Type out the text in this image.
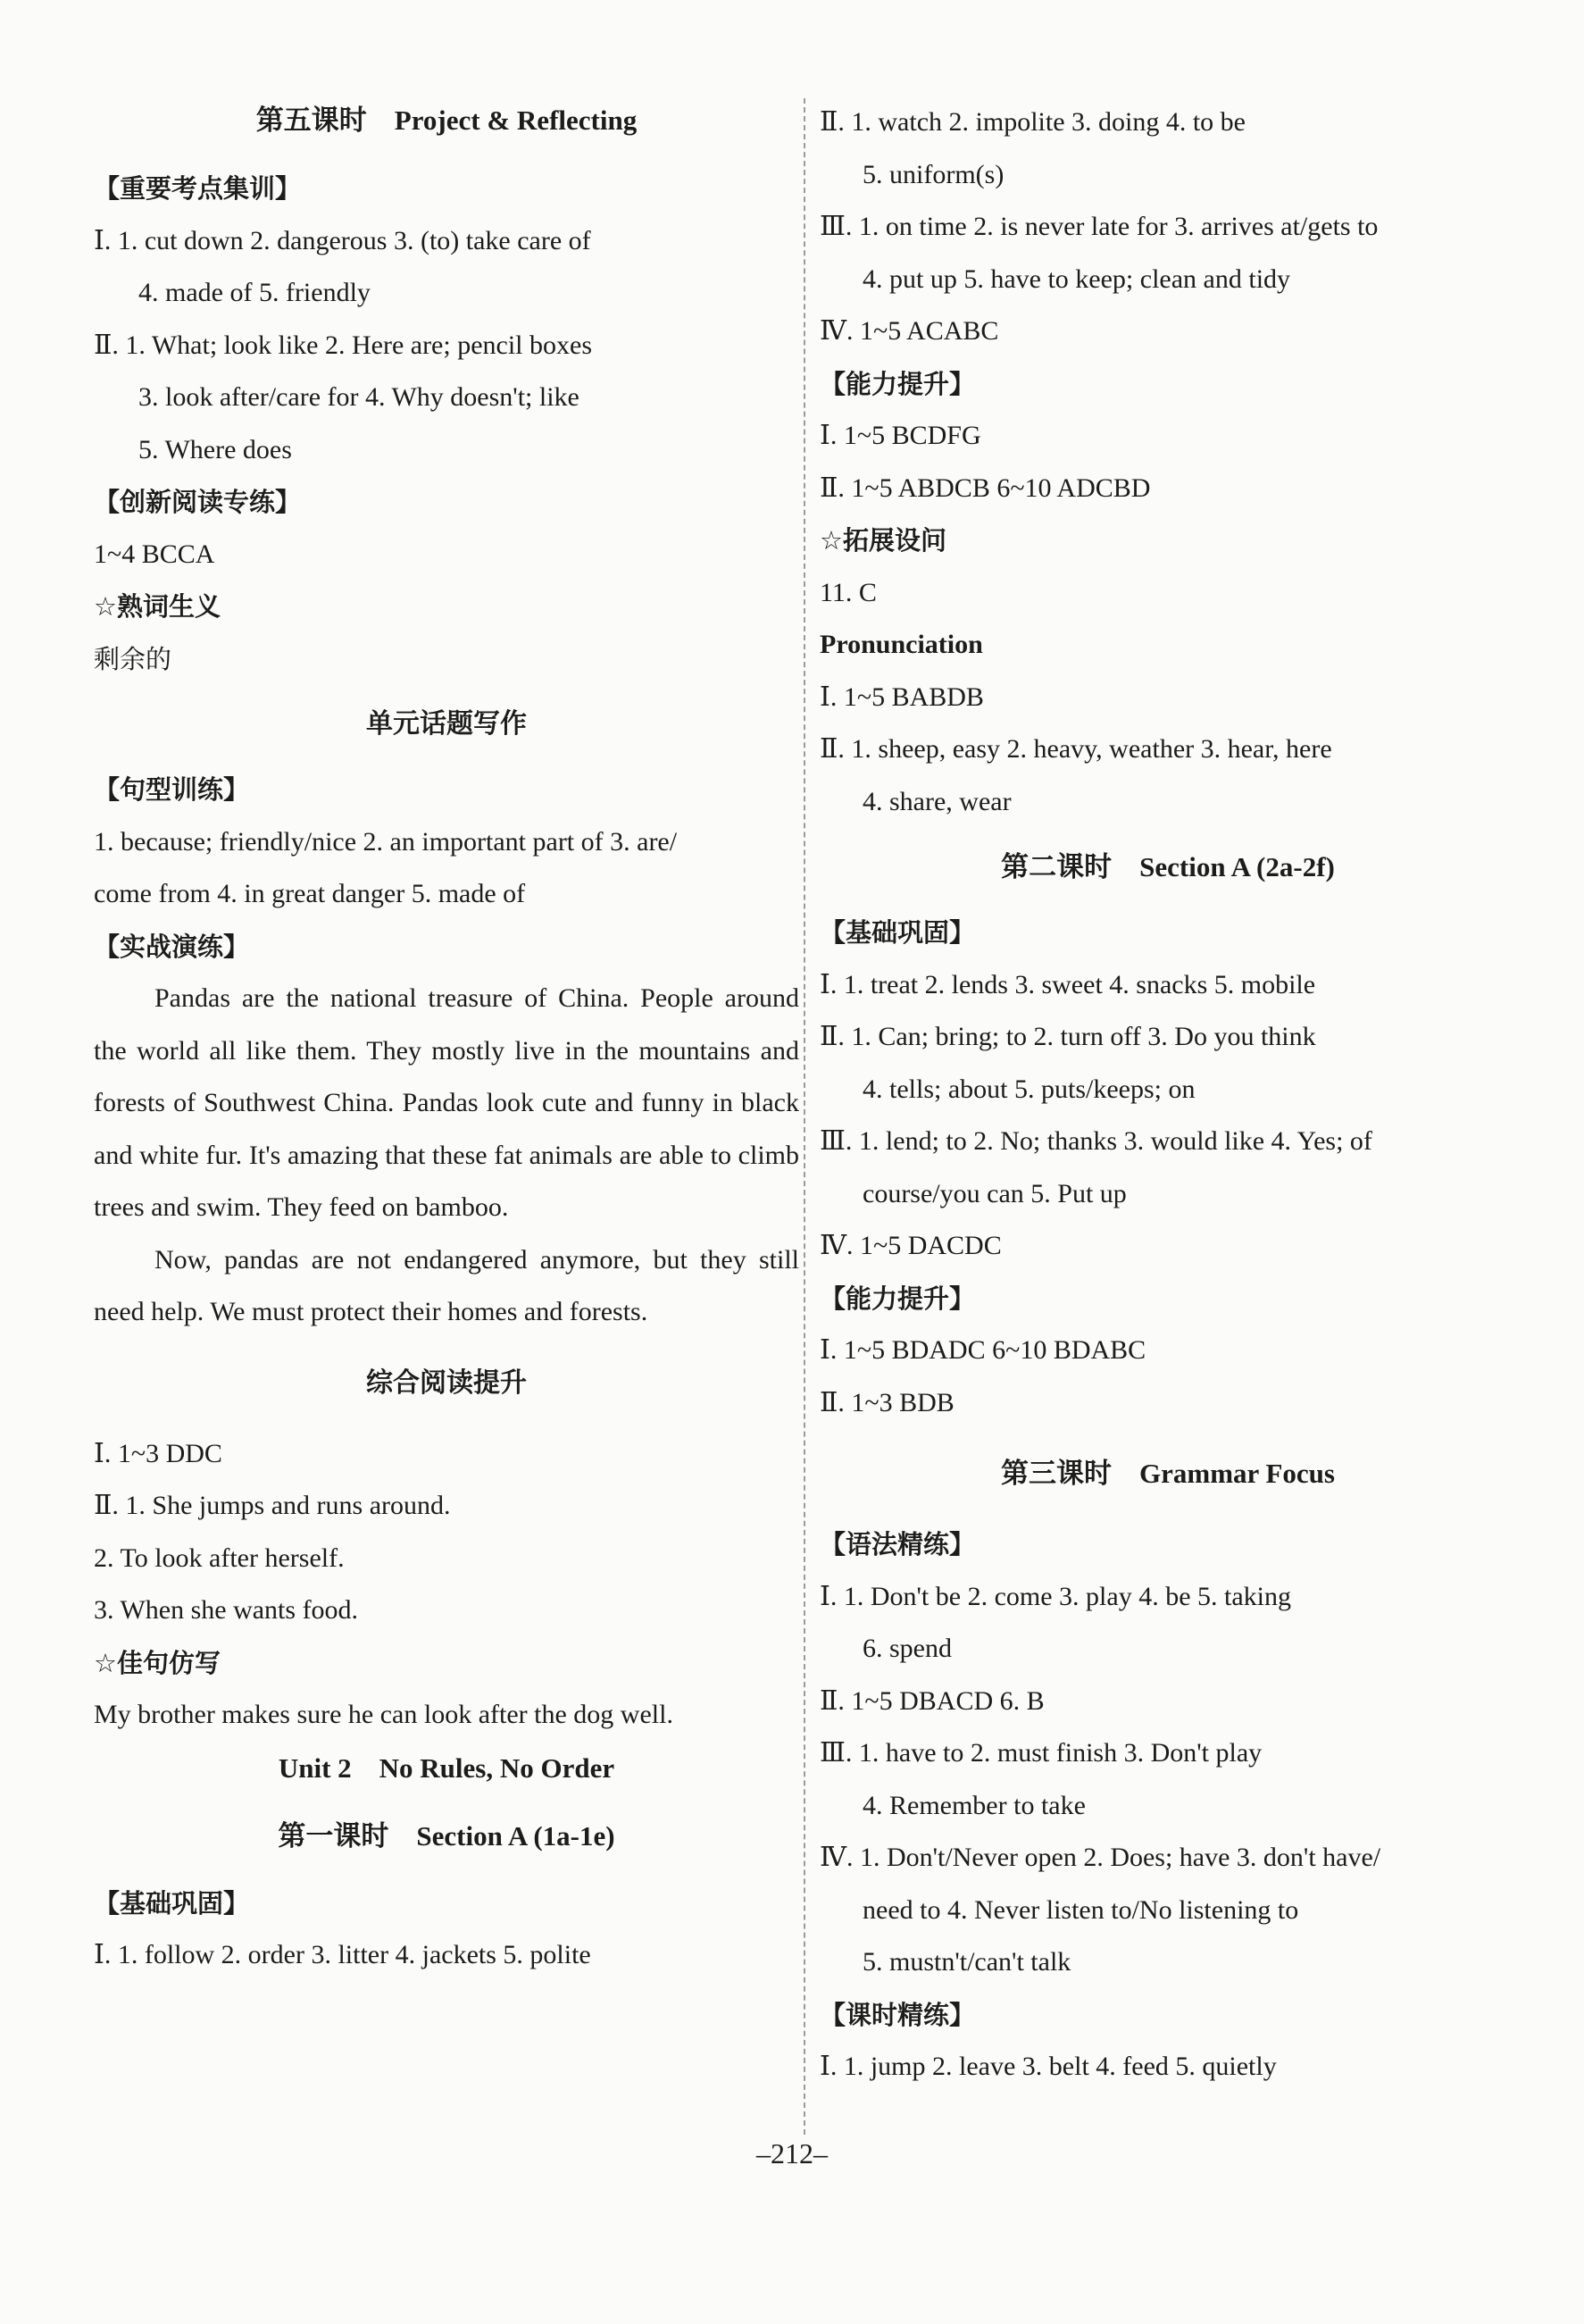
第五课时    Project & Reflecting
【重要考点集训】
Ⅰ. 1. cut down 2. dangerous 3. (to) take care of
4. made of 5. friendly
Ⅱ. 1. What; look like 2. Here are; pencil boxes
3. look after/care for 4. Why doesn't; like
5. Where does
【创新阅读专练】
1~4 BCCA
☆熟词生义
剩余的
单元话题写作
【句型训练】
1. because; friendly/nice 2. an important part of 3. are/
come from 4. in great danger 5. made of
【实战演练】
Pandas are the national treasure of China. People around the world all like them. They mostly live in the mountains and forests of Southwest China. Pandas look cute and funny in black and white fur. It's amazing that these fat animals are able to climb trees and swim. They feed on bamboo.
Now, pandas are not endangered anymore, but they still need help. We must protect their homes and forests.
综合阅读提升
Ⅰ. 1~3 DDC
Ⅱ. 1. She jumps and runs around.
2. To look after herself.
3. When she wants food.
☆佳句仿写
My brother makes sure he can look after the dog well.
Unit 2    No Rules, No Order
第一课时    Section A (1a-1e)
【基础巩固】
Ⅰ. 1. follow 2. order 3. litter 4. jackets 5. polite
Ⅱ. 1. watch 2. impolite 3. doing 4. to be
5. uniform(s)
Ⅲ. 1. on time 2. is never late for 3. arrives at/gets to
4. put up 5. have to keep; clean and tidy
Ⅳ. 1~5 ACABC
【能力提升】
Ⅰ. 1~5 BCDFG
Ⅱ. 1~5 ABDCB 6~10 ADCBD
☆拓展设问
11. C
Pronunciation
Ⅰ. 1~5 BABDB
Ⅱ. 1. sheep, easy 2. heavy, weather 3. hear, here
4. share, wear
第二课时    Section A (2a-2f)
【基础巩固】
Ⅰ. 1. treat 2. lends 3. sweet 4. snacks 5. mobile
Ⅱ. 1. Can; bring; to 2. turn off 3. Do you think
4. tells; about 5. puts/keeps; on
Ⅲ. 1. lend; to 2. No; thanks 3. would like 4. Yes; of
course/you can 5. Put up
Ⅳ. 1~5 DACDC
【能力提升】
Ⅰ. 1~5 BDADC 6~10 BDABC
Ⅱ. 1~3 BDB
第三课时    Grammar Focus
【语法精练】
Ⅰ. 1. Don't be 2. come 3. play 4. be 5. taking
6. spend
Ⅱ. 1~5 DBACD 6. B
Ⅲ. 1. have to 2. must finish 3. Don't play
4. Remember to take
Ⅳ. 1. Don't/Never open 2. Does; have 3. don't have/
need to 4. Never listen to/No listening to
5. mustn't/can't talk
【课时精练】
Ⅰ. 1. jump 2. leave 3. belt 4. feed 5. quietly
–212–
